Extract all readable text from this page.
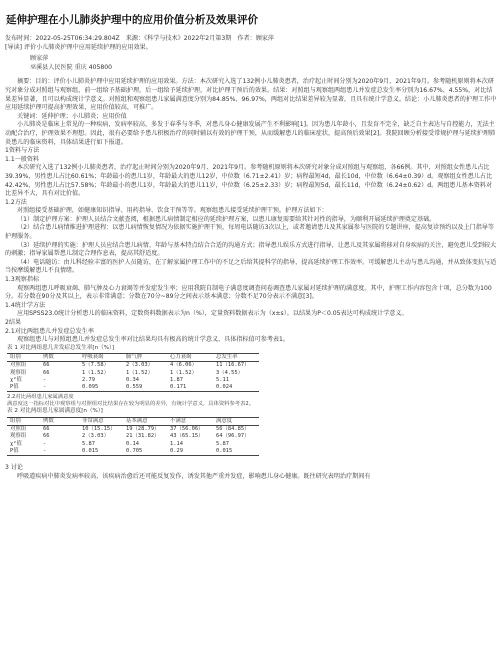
延伸护理在小儿肺炎护理中的应用价值分析及效果评价

发布时间：2022-05-25T06:34:29.804Z　来源：《科学与技术》2022年2月第3期　作者：顾家萍

[导读] 评价小儿肺炎护理中应用延续护理的应用效果。

顾家萍

巫溪县人民医院 重庆 405800

摘要：目的：评价小儿肺炎护理中应用延续护理的应用效果。方法：本次研究入选了132例小儿肺炎患者，治疗起止时间分别为2020年9月、2021年9月。参考随机原则将本次研究对象分成对照组与观察组，前一组给予基础护理，后一组给予延续护理，对比护理干预后的效果。结果：对照组与观察组两组患儿并发症总发生率分别为16.67%、4.55%，对比结果差异显著，且可以构成统计学意义。对照组和观察组患儿家属满意度分别为84.85%、96.97%，两组对比结果差异较为显著，且具有统计学意义。结论：小儿肺炎患者的护理工作中应用延续护理可提高护理效果，应用价值较高，可推广。

关键词：延伸护理；小儿肺炎；应用价值

小儿肺炎是临床上常见的一种疾病，发病率较高，多发于春季与冬季，对患儿身心健康发展产生不利影响[1]。因为患儿年龄小，且发育不完全，缺乏自主表达与自控能力，无法主动配合治疗，护理效果不理想。因此，很有必要给予患儿积极治疗的同时辅以有效的护理干预，从而缓解患儿的临床症状，提高预后效果[2]。我院回顾分析接受常规护理与延续护理肺炎患儿的临床资料，具体结果进行如下报道。

1资料与方法

1.1一般资料

本次研究入选了132例小儿肺炎患者，治疗起止时间分别为2020年9月、2021年9月。参考随机原则将本次研究对象分成对照组与观察组，各66例。其中，对照组女性患儿占比39.39%，男性患儿占比60.61%；年龄最小的患儿1岁，年龄最大的患儿12岁，中位数（6.71±2.41）岁；病程最短4d，最长10d，中位数（6.64±0.39）d。观察组女性患儿占比42.42%，男性患儿占比57.58%；年龄最小的患儿1岁，年龄最大的患儿11岁，中位数（6.25±2.33）岁；病程最短5d，最长11d，中位数（6.24±0.62）d。两组患儿基本资料对比差异不大，具有对比价值。

1.2方法

对照组接受基础护理，如健康知识指导、用药指导、饮食干预等等。观察组患儿接受延续护理干预，护理方法如下：

（1）制定护理方案：护理人员结合文献查阅，根据患儿病情制定相应的延续护理方案，以患儿康复需要给其针对性的指导，为顺利开展延续护理奠定基础。

（2）结合患儿病情推进护理进程：以患儿病情恢复情况为依据实施护理干预，每周电话随访3次以上，或者邀请患儿及其家属参与医院的专题讲座，提高复诊预约以及上门指导等护理服务。

（3）延续护理的实施：护理人员应结合患儿病情、年龄与基本特点结合合适的沟通方式；指导患儿娱乐方式进行指导，让患儿及其家属将移对自身疾病的关注，避免患儿受到较大的刺激；指导家属帮患儿制定合理作息表，提高其舒适度。

（4）电话随访：由儿科经验丰富的医护人员随访，在了解家属护理工作中的不足之后给其提科学的指导，提高延续护理工作效率。可缓解患儿主动与患儿沟通，并从致体变抗与适当按摩缓解患儿不良情绪。

1.3观察指标

观察两组患儿呼吸衰竭、肺气肿及心力衰竭等并发症发生率；应用我院自制电子满意度调查问卷调查患儿家属对延续护理的满意度。其中，护理工作内容包含十项，总分数为100分。若分数在90分及其以上，表示非常满意；分数在70分~89分之间表示基本满意；分数不足70分表示不满意[3]。

1.4统计学方法

应用SPSS23.0统计分析患儿的临床资料，定数资料数据表示为n（%），定量资料数据表示为（x±s）。以结果为P＜0.05表达可构成统计学意义。

2结果

2.1对比两组患儿并发症总发生率

观察组患儿与对照组患儿并发症总发生率对比结果均具有极高的统计学意义，具体指标值可参考表1。

表 1 对比两组患儿并发症总发生率[n（%）]

组别	例数	呼吸衰竭	肺气肿	心力衰竭	总发生率
对照组	66	5（7.58）	2（3.03）	4（6.06）	11（16.67）
观察组	66	1（1.52）	1（1.52）	1（1.52）	3（4.55）
χ²值	-	2.79	0.34	1.87	5.11
P值	-	0.095	0.559	0.171	0.024

2.2对比两组患儿家属满意度

满意度这一指标对比中观察组与对照组对比结果存在较为明显的差异，有统计学意义，具体资料参考表2。

表 2 对比两组患儿家属满意度[n（%）]

组别	例数	非常满意	基本满意	不满意	满意度
对照组	66	10（15.15）	19（28.79）	37（56.06）	56（84.85）
观察组	66	2（3.03）	21（31.82）	43（65.15）	64（96.97）
χ²值	-	5.87	0.14	1.14	5.87
P值	-	0.015	0.705	0.29	0.015

3 讨论

呼吸道疾病中肺炎发病率较高，该疾病治愈后还可能反复发作，诱发其他严重并发症，影响患儿身心健康。既往研究表明治疗期间有
